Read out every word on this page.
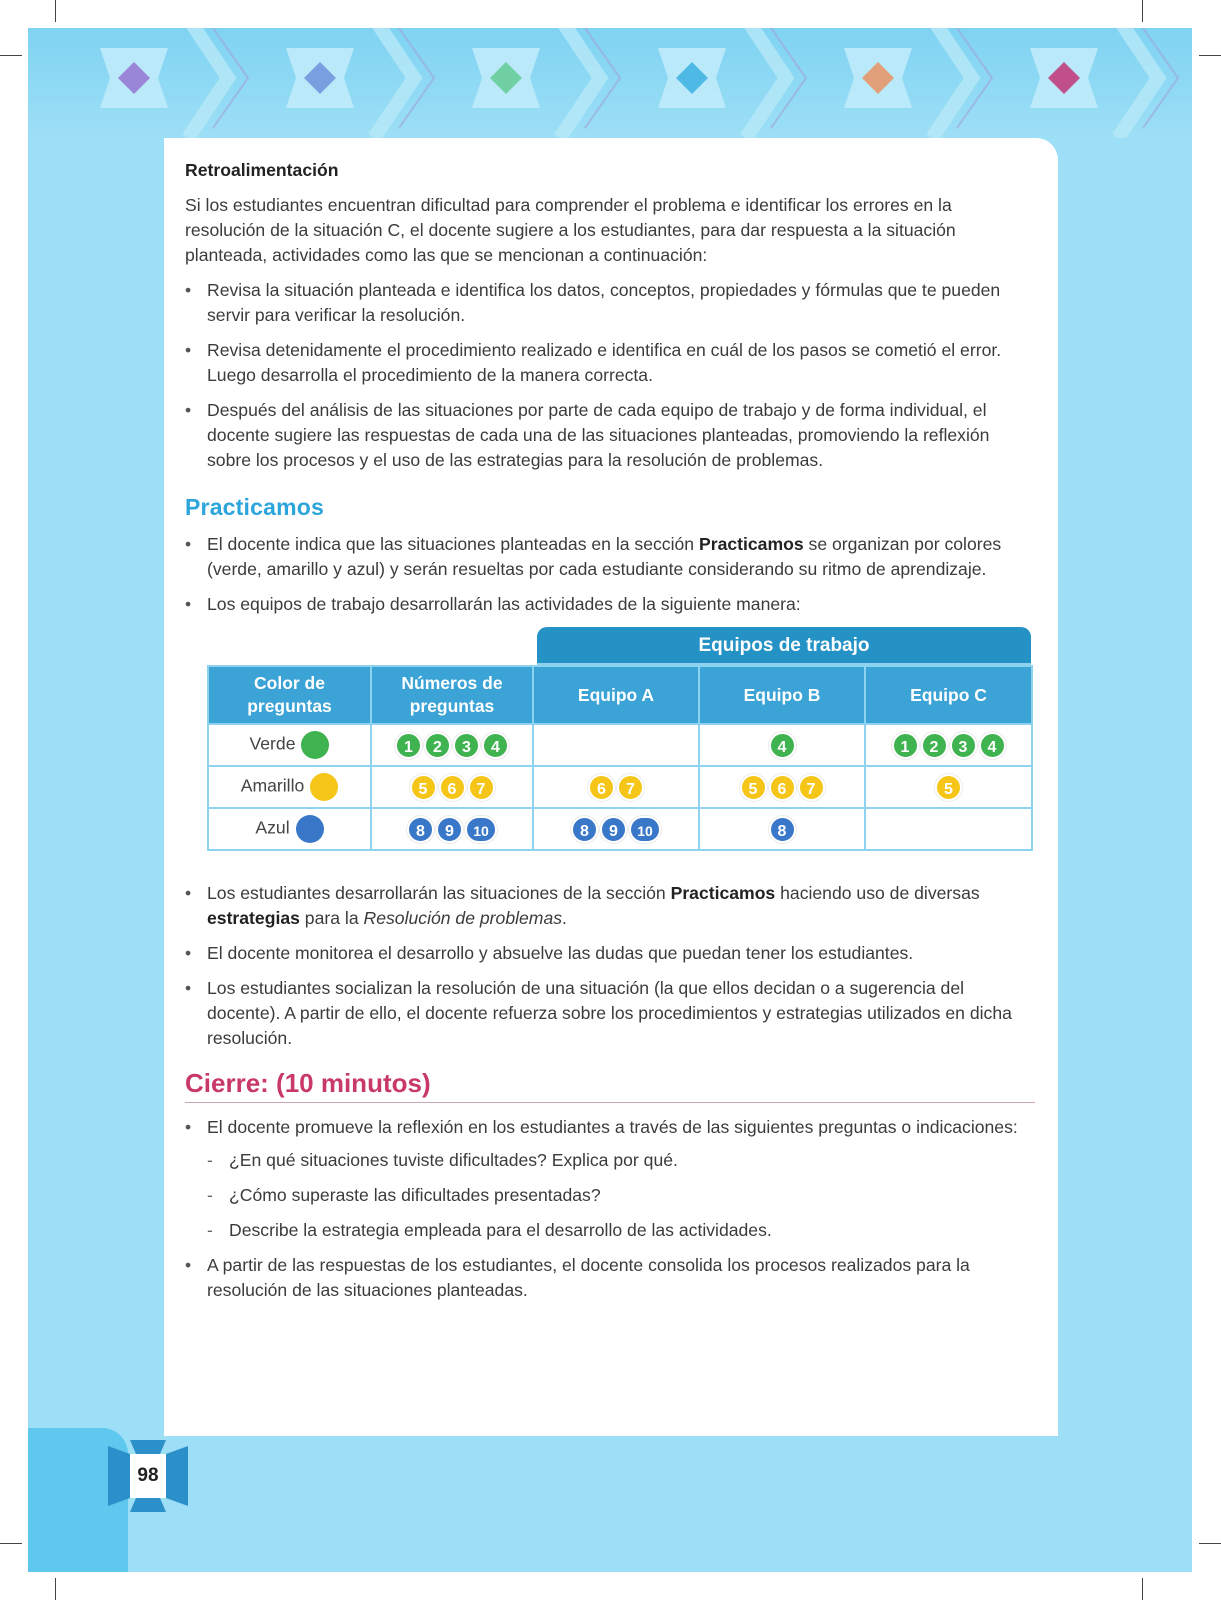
Retroalimentación

Si los estudiantes encuentran dificultad para comprender el problema e identificar los errores en la resolución de la situación C, el docente sugiere a los estudiantes, para dar respuesta a la situación planteada, actividades como las que se mencionan a continuación:

• Revisa la situación planteada e identifica los datos, conceptos, propiedades y fórmulas que te pueden servir para verificar la resolución.
• Revisa detenidamente el procedimiento realizado e identifica en cuál de los pasos se cometió el error. Luego desarrolla el procedimiento de la manera correcta.
• Después del análisis de las situaciones por parte de cada equipo de trabajo y de forma individual, el docente sugiere las respuestas de cada una de las situaciones planteadas, promoviendo la reflexión sobre los procesos y el uso de las estrategias para la resolución de problemas.
Practicamos
• El docente indica que las situaciones planteadas en la sección Practicamos se organizan por colores (verde, amarillo y azul) y serán resueltas por cada estudiante considerando su ritmo de aprendizaje.
• Los equipos de trabajo desarrollarán las actividades de la siguiente manera:
Equipos de trabajo
Color de preguntas	Números de preguntas	Equipo A	Equipo B	Equipo C
Verde	1 2 3 4		4	1 2 3 4
Amarillo	5 6 7	6 7	5 6 7	5
Azul	8 9 10	8 9 10	8	
• Los estudiantes desarrollarán las situaciones de la sección Practicamos haciendo uso de diversas estrategias para la Resolución de problemas.
• El docente monitorea el desarrollo y absuelve las dudas que puedan tener los estudiantes.
• Los estudiantes socializan la resolución de una situación (la que ellos decidan o a sugerencia del docente). A partir de ello, el docente refuerza sobre los procedimientos y estrategias utilizados en dicha resolución.
Cierre: (10 minutos)
• El docente promueve la reflexión en los estudiantes a través de las siguientes preguntas o indicaciones:
- ¿En qué situaciones tuviste dificultades? Explica por qué.
- ¿Cómo superaste las dificultades presentadas?
- Describe la estrategia empleada para el desarrollo de las actividades.
• A partir de las respuestas de los estudiantes, el docente consolida los procesos realizados para la resolución de las situaciones planteadas.
98
